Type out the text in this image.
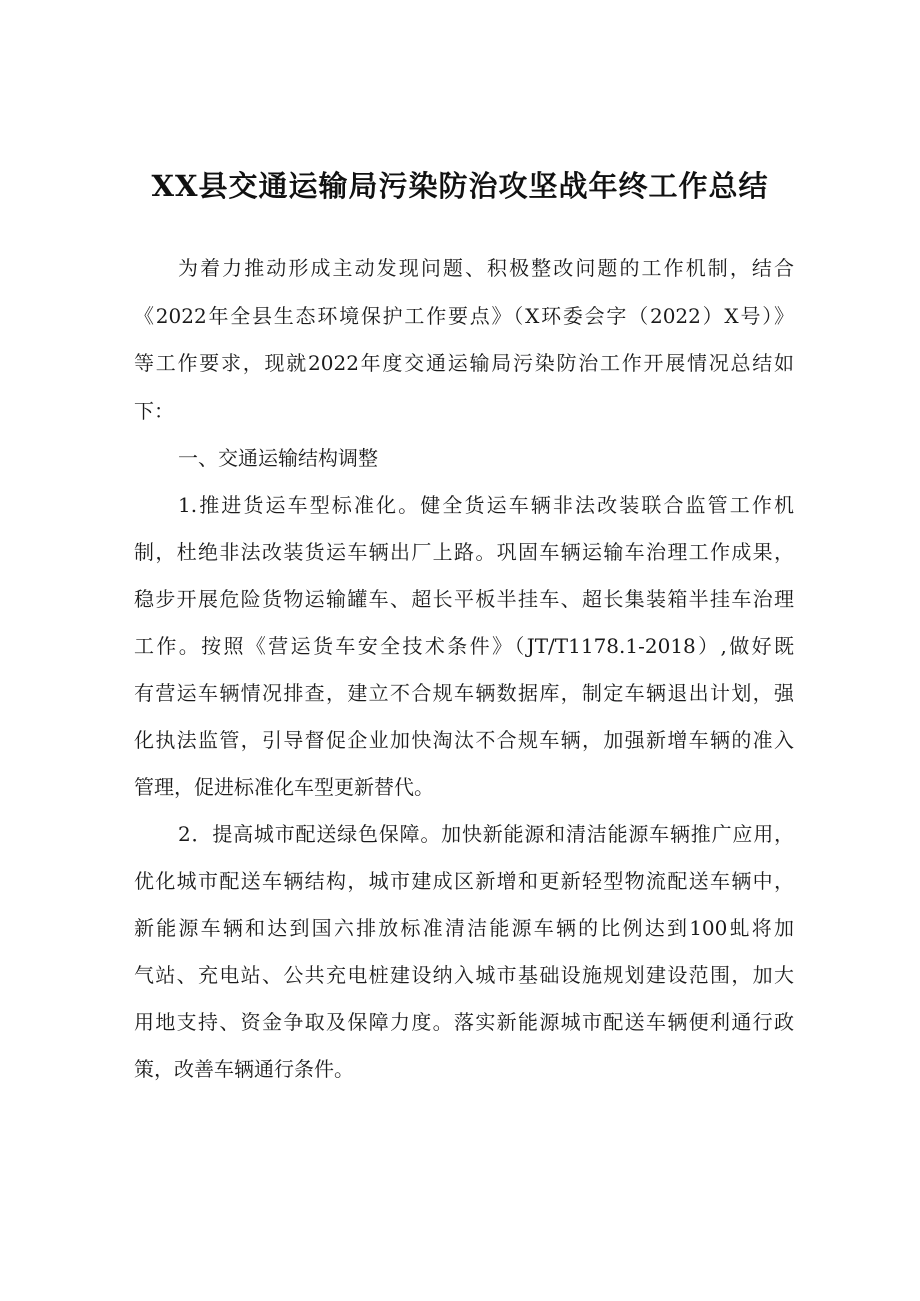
XX县交通运输局污染防治攻坚战年终工作总结
为着力推动形成主动发现问题、积极整改问题的工作机制，结合
《2022年全县生态环境保护工作要点》（X环委会字（2022）X号）》
等工作要求，现就2022年度交通运输局污染防治工作开展情况总结如
下：
一、交通运输结构调整
1.推进货运车型标准化。健全货运车辆非法改装联合监管工作机
制，杜绝非法改装货运车辆出厂上路。巩固车辆运输车治理工作成果，
稳步开展危险货物运输罐车、超长平板半挂车、超长集装箱半挂车治理
工作。按照《营运货车安全技术条件》（JT/T1178.1-2018）,做好既
有营运车辆情况排查，建立不合规车辆数据库，制定车辆退出计划，强
化执法监管，引导督促企业加快淘汰不合规车辆，加强新增车辆的准入
管理，促进标准化车型更新替代。
2．提高城市配送绿色保障。加快新能源和清洁能源车辆推广应用，
优化城市配送车辆结构，城市建成区新增和更新轻型物流配送车辆中，
新能源车辆和达到国六排放标准清洁能源车辆的比例达到100虬将加
气站、充电站、公共充电桩建设纳入城市基础设施规划建设范围，加大
用地支持、资金争取及保障力度。落实新能源城市配送车辆便利通行政
策，改善车辆通行条件。
